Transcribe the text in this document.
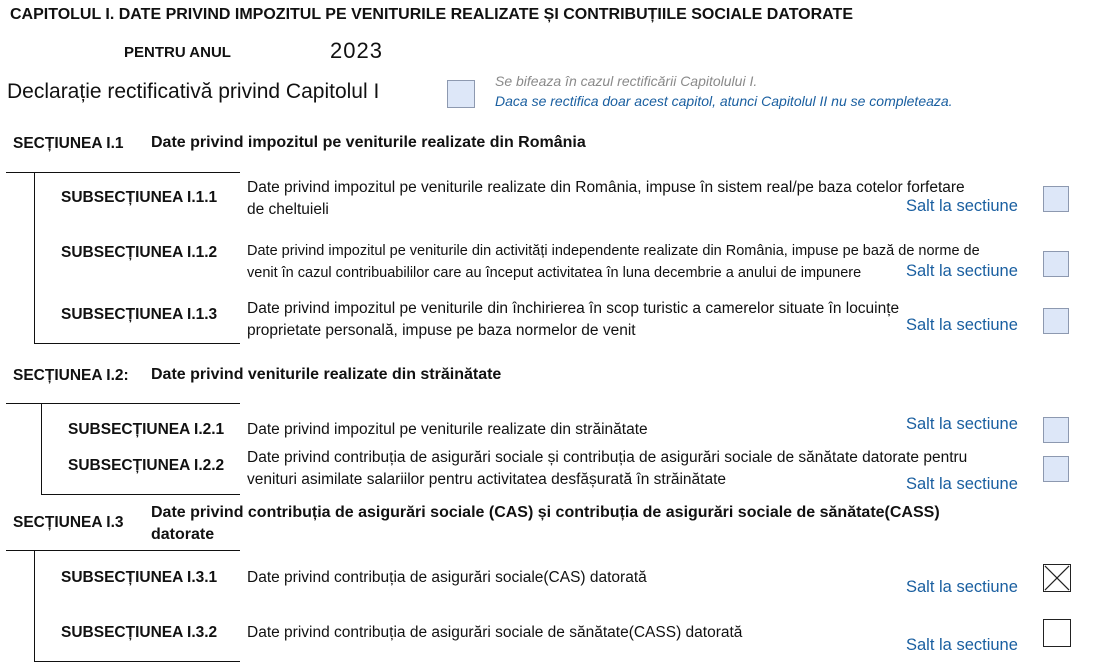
CAPITOLUL I. DATE PRIVIND IMPOZITUL PE VENITURILE REALIZATE ȘI CONTRIBUȚIILE SOCIALE DATORATE
PENTRU ANUL	2023
Declarație rectificativă privind Capitolul I	Se bifeaza în cazul rectificării Capitolului I.
Daca se rectifica doar acest capitol, atunci Capitolul II nu se completeaza.
SECȚIUNEA I.1 Date privind impozitul pe veniturile realizate din România
SUBSECȚIUNEA I.1.1
Date privind impozitul pe veniturile realizate din România, impuse în sistem real/pe baza cotelor forfetare
de cheltuieli	Salt la sectiune
SUBSECȚIUNEA I.1.2 Date privind impozitul pe veniturile din activități independente realizate din România, impuse pe bază de norme de
venit în cazul contribuabililor care au început activitatea în luna decembrie a anului de impunere	Salt la sectiune
SUBSECȚIUNEA I.1.3 Date privind impozitul pe veniturile din închirierea în scop turistic a camerelor situate în locuințe
proprietate personală, impuse pe baza normelor de venit	Salt la sectiune
SECȚIUNEA I.2: Date privind veniturile realizate din străinătate
SUBSECȚIUNEA I.2.1 Date privind impozitul pe veniturile realizate din străinătate	Salt la sectiune
SUBSECȚIUNEA I.2.2 Date privind contribuția de asigurări sociale și contribuția de asigurări sociale de sănătate datorate pentru
venituri asimilate salariilor pentru activitatea desfășurată în străinătate	Salt la sectiune
SECȚIUNEA I.3
Date privind contribuția de asigurări sociale (CAS) și contribuția de asigurări sociale de sănătate(CASS)
datorate
SUBSECȚIUNEA I.3.1 Date privind contribuția de asigurări sociale(CAS) datorată
Salt la sectiune
SUBSECȚIUNEA I.3.2 Date privind contribuția de asigurări sociale de sănătate(CASS) datorată
Salt la sectiune
